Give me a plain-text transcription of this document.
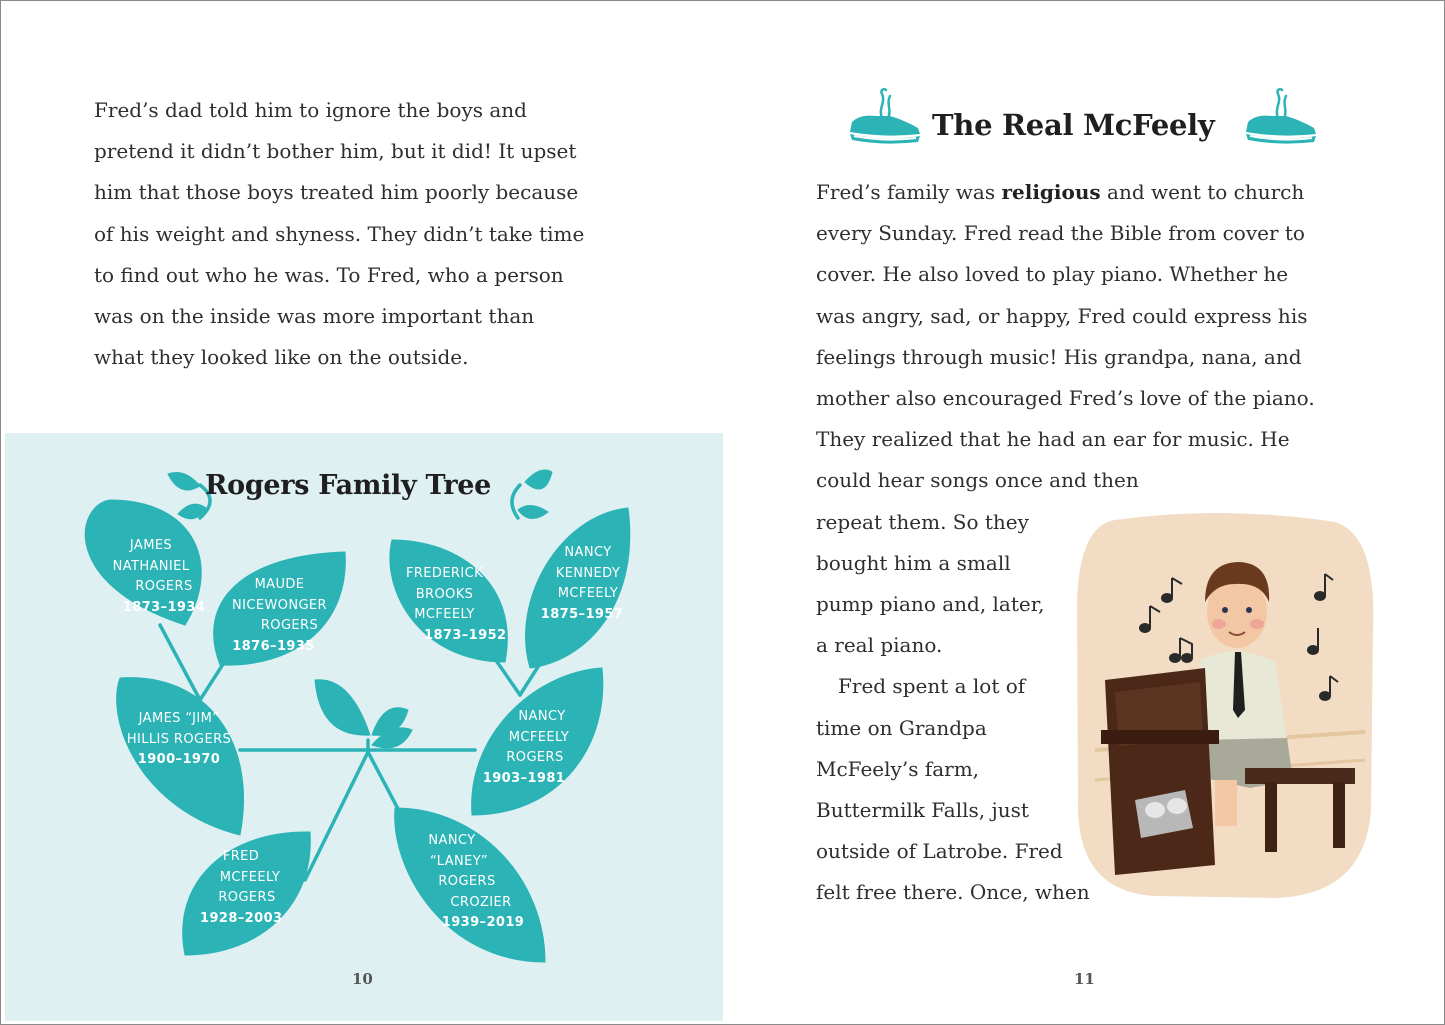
Fred’s dad told him to ignore the boys and
pretend it didn’t bother him, but it did! It upset
him that those boys treated him poorly because
of his weight and shyness. They didn’t take time
to find out who he was. To Fred, who a person
was on the inside was more important than
what they looked like on the outside.
Rogers Family Tree
JAMES
NATHANIEL
ROGERS
1873–1934
MAUDE
NICEWONGER
ROGERS
1876–1935
FREDERICK
BROOKS
MCFEELY
1873–1952
NANCY
KENNEDY
MCFEELY
1875–1957
JAMES “JIM”
HILLIS ROGERS
1900–1970
NANCY
MCFEELY
ROGERS
1903–1981
FRED
MCFEELY
ROGERS
1928–2003
NANCY
“LANEY”
ROGERS
CROZIER
1939–2019
10
The Real McFeely
Fred’s family was religious and went to church
every Sunday. Fred read the Bible from cover to
cover. He also loved to play piano. Whether he
was angry, sad, or happy, Fred could express his
feelings through music! His grandpa, nana, and
mother also encouraged Fred’s love of the piano.
They realized that he had an ear for music. He
could hear songs once and then
repeat them. So they
bought him a small
pump piano and, later,
a real piano.
Fred spent a lot of
time on Grandpa
McFeely’s farm,
Buttermilk Falls, just
outside of Latrobe. Fred
felt free there. Once, when
11
